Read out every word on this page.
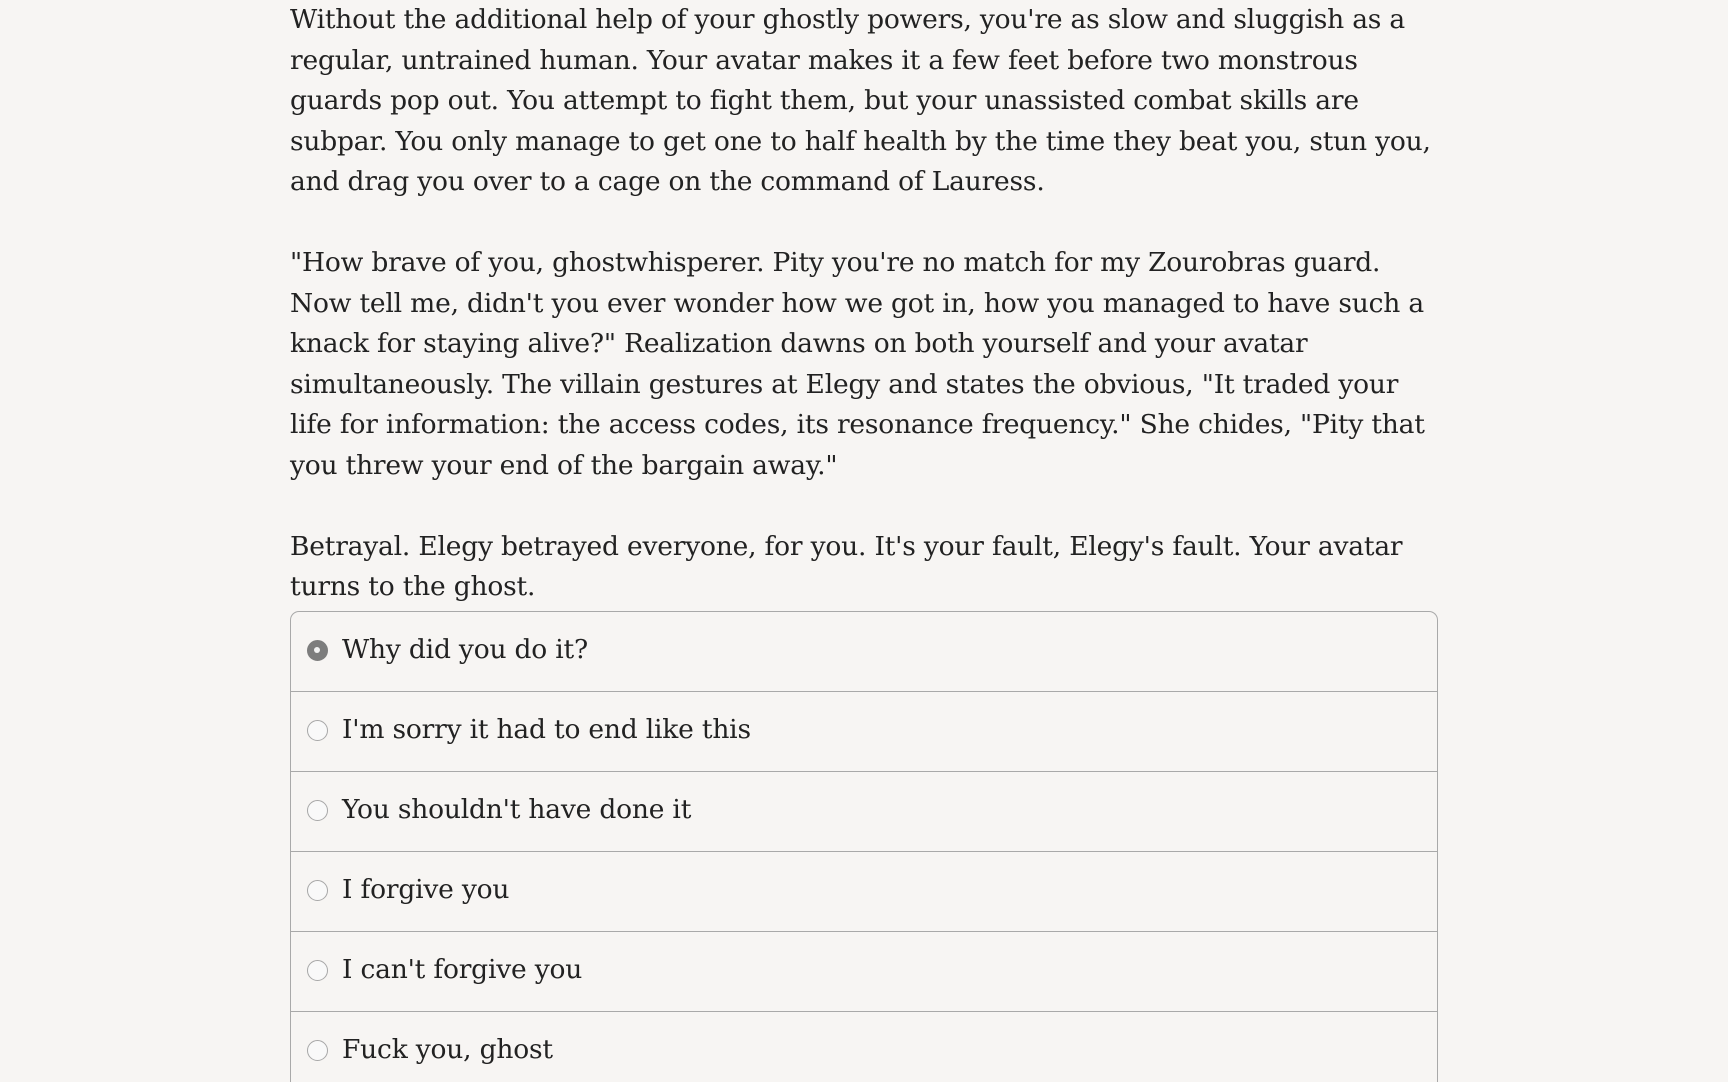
Without the additional help of your ghostly powers, you're as slow and sluggish as a regular, untrained human. Your avatar makes it a few feet before two monstrous guards pop out. You attempt to fight them, but your unassisted combat skills are subpar. You only manage to get one to half health by the time they beat you, stun you, and drag you over to a cage on the command of Lauress.

"How brave of you, ghostwhisperer. Pity you're no match for my Zourobras guard. Now tell me, didn't you ever wonder how we got in, how you managed to have such a knack for staying alive?" Realization dawns on both yourself and your avatar simultaneously. The villain gestures at Elegy and states the obvious, "It traded your life for information: the access codes, its resonance frequency." She chides, "Pity that you threw your end of the bargain away."

Betrayal. Elegy betrayed everyone, for you. It's your fault, Elegy's fault. Your avatar turns to the ghost.

Why did you do it?
I'm sorry it had to end like this
You shouldn't have done it
I forgive you
I can't forgive you
Fuck you, ghost
